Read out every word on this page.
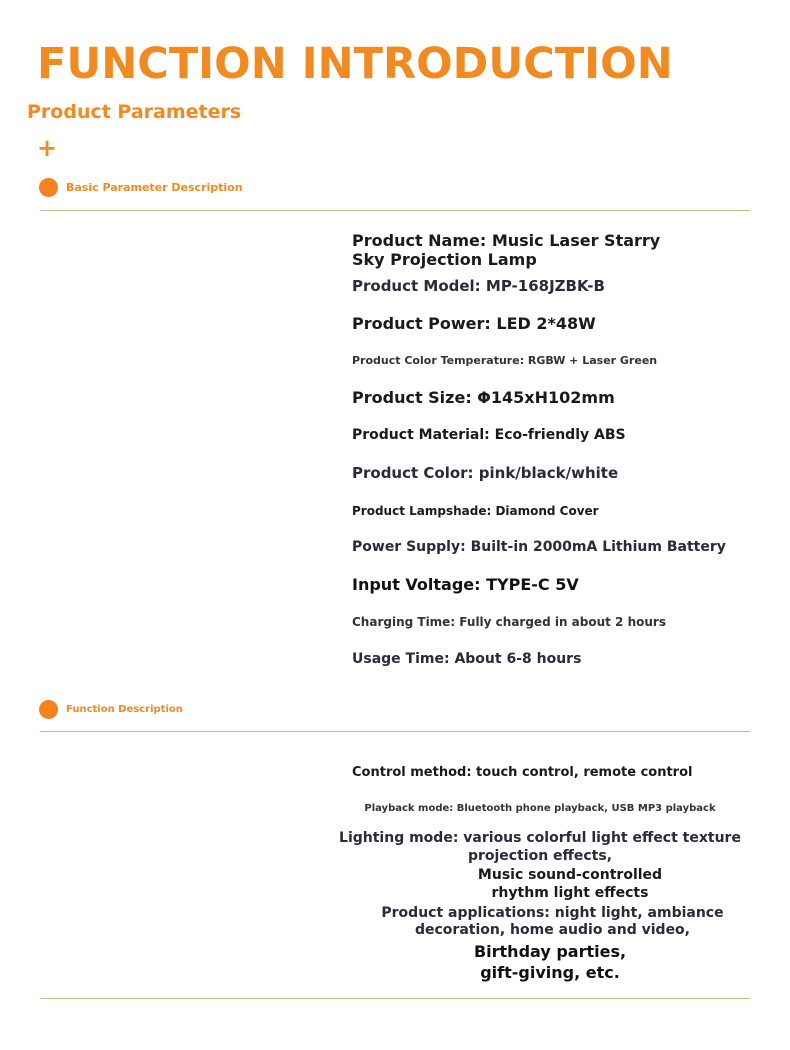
FUNCTION INTRODUCTION
Product Parameters
+
Basic Parameter Description
Product Name: Music Laser Starry
Sky Projection Lamp
Product Model: MP-168JZBK-B
Product Power: LED 2*48W
Product Color Temperature: RGBW + Laser Green
Product Size: Φ145xH102mm
Product Material: Eco-friendly ABS
Product Color: pink/black/white
Product Lampshade: Diamond Cover
Power Supply: Built-in 2000mA Lithium Battery
Input Voltage: TYPE-C 5V
Charging Time: Fully charged in about 2 hours
Usage Time: About 6-8 hours
Function Description
Control method: touch control, remote control
Playback mode: Bluetooth phone playback, USB MP3 playback
Lighting mode: various colorful light effect texture
projection effects,
Music sound-controlled
rhythm light effects
Product applications: night light, ambiance
decoration, home audio and video,
Birthday parties,
gift-giving, etc.
